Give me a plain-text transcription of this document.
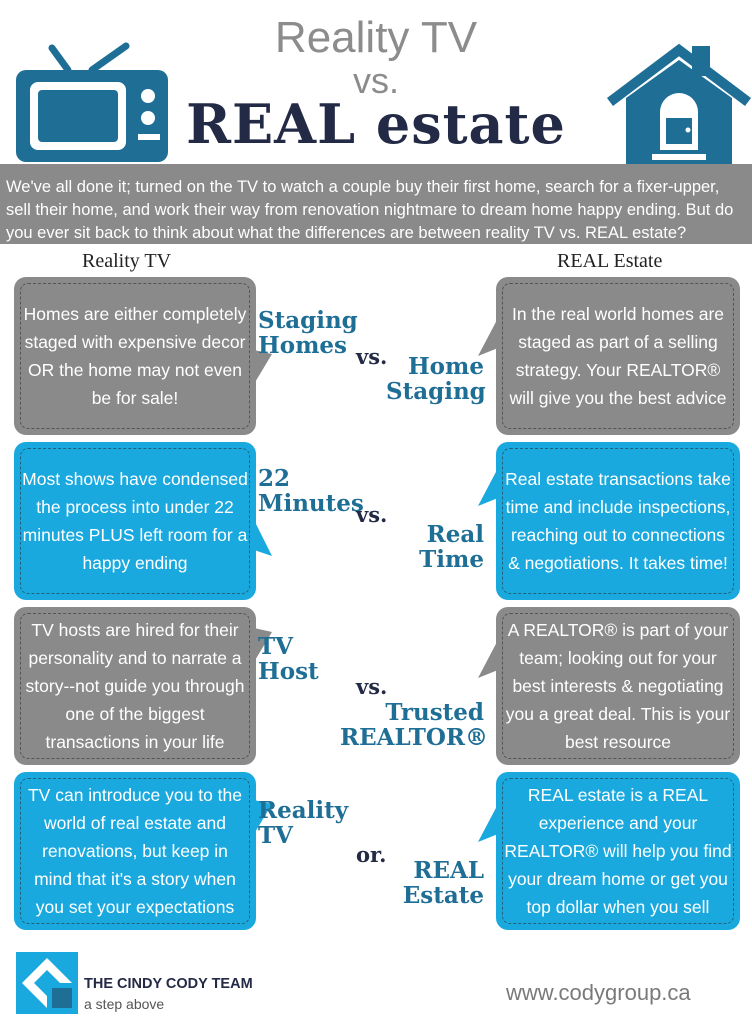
Reality TV
vs.
REAL estate
We've all done it; turned on the TV to watch a couple buy their first home, search for a fixer-upper, sell their home, and work their way from renovation nightmare to dream home happy ending. But do you ever sit back to think about what the differences are between reality TV vs. REAL estate?
Reality TV	REAL Estate
Homes are either completely staged with expensive decor OR the home may not even be for sale!
In the real world homes are staged as part of a selling strategy. Your REALTOR® will give you the best advice
Staging
Homes vs. Home
Staging
Most shows have condensed the process into under 22 minutes PLUS left room for a happy ending
Real estate transactions take time and include inspections, reaching out to connections & negotiations. It takes time!
22
Minutes
vs.
Real
Time
TV hosts are hired for their personality and to narrate a story--not guide you through one of the biggest transactions in your life
A REALTOR® is part of your team; looking out for your best interests & negotiating you a great deal. This is your best resource
TV
Host
vs.
Trusted
REALTOR®
TV can introduce you to the world of real estate and renovations, but keep in mind that it's a story when you set your expectations
REAL estate is a REAL experience and your REALTOR® will help you find your dream home or get you top dollar when you sell
Reality
TV
or.
REAL
Estate
THE CINDY CODY TEAM
a step above	www.codygroup.ca
